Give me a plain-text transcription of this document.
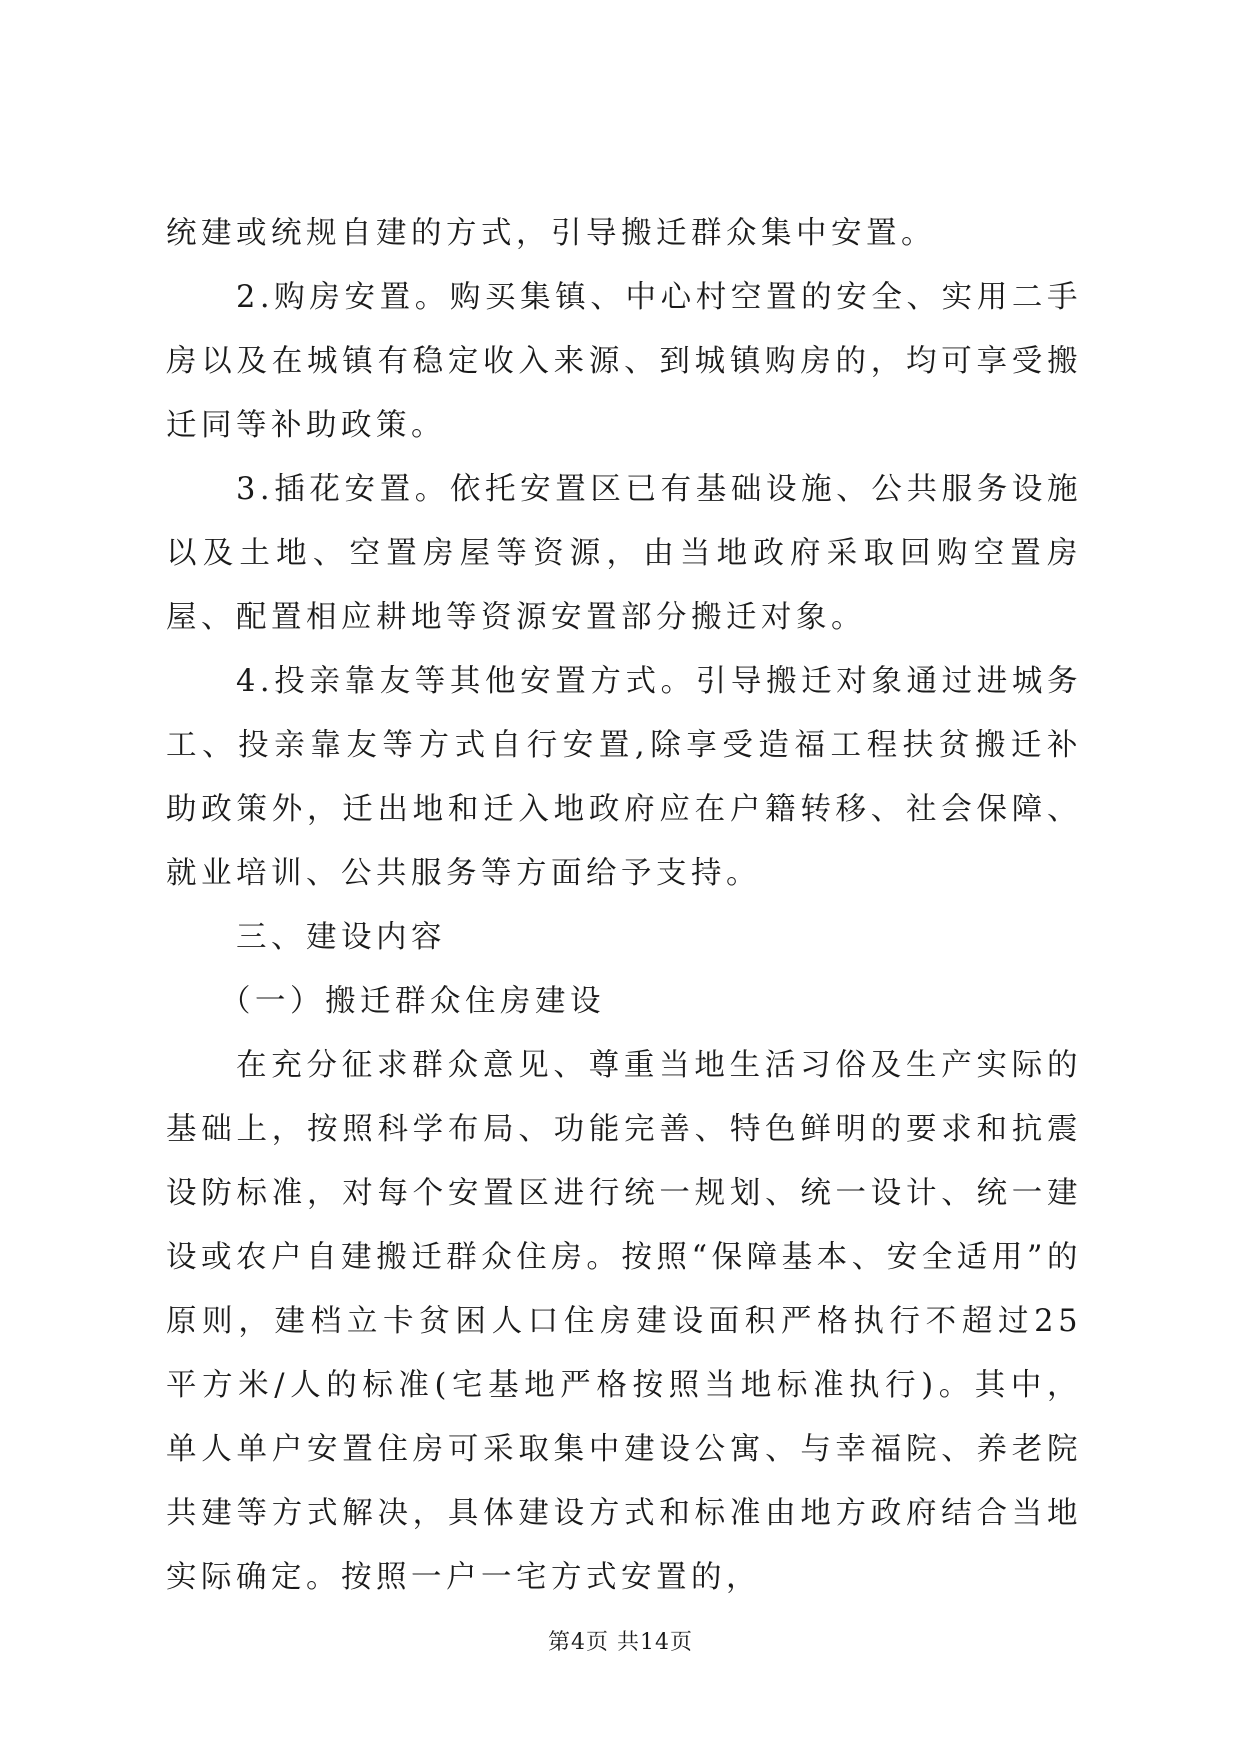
统建或统规自建的方式，引导搬迁群众集中安置。

2.购房安置。购买集镇、中心村空置的安全、实用二手房以及在城镇有稳定收入来源、到城镇购房的，均可享受搬迁同等补助政策。

3.插花安置。依托安置区已有基础设施、公共服务设施以及土地、空置房屋等资源，由当地政府采取回购空置房屋、配置相应耕地等资源安置部分搬迁对象。

4.投亲靠友等其他安置方式。引导搬迁对象通过进城务工、投亲靠友等方式自行安置,除享受造福工程扶贫搬迁补助政策外，迁出地和迁入地政府应在户籍转移、社会保障、就业培训、公共服务等方面给予支持。

三、建设内容

（一）搬迁群众住房建设

在充分征求群众意见、尊重当地生活习俗及生产实际的基础上，按照科学布局、功能完善、特色鲜明的要求和抗震设防标准，对每个安置区进行统一规划、统一设计、统一建设或农户自建搬迁群众住房。按照“保障基本、安全适用”的原则，建档立卡贫困人口住房建设面积严格执行不超过25平方米/人的标准(宅基地严格按照当地标准执行)。其中，单人单户安置住房可采取集中建设公寓、与幸福院、养老院共建等方式解决，具体建设方式和标准由地方政府结合当地实际确定。按照一户一宅方式安置的，

第4页 共14页
